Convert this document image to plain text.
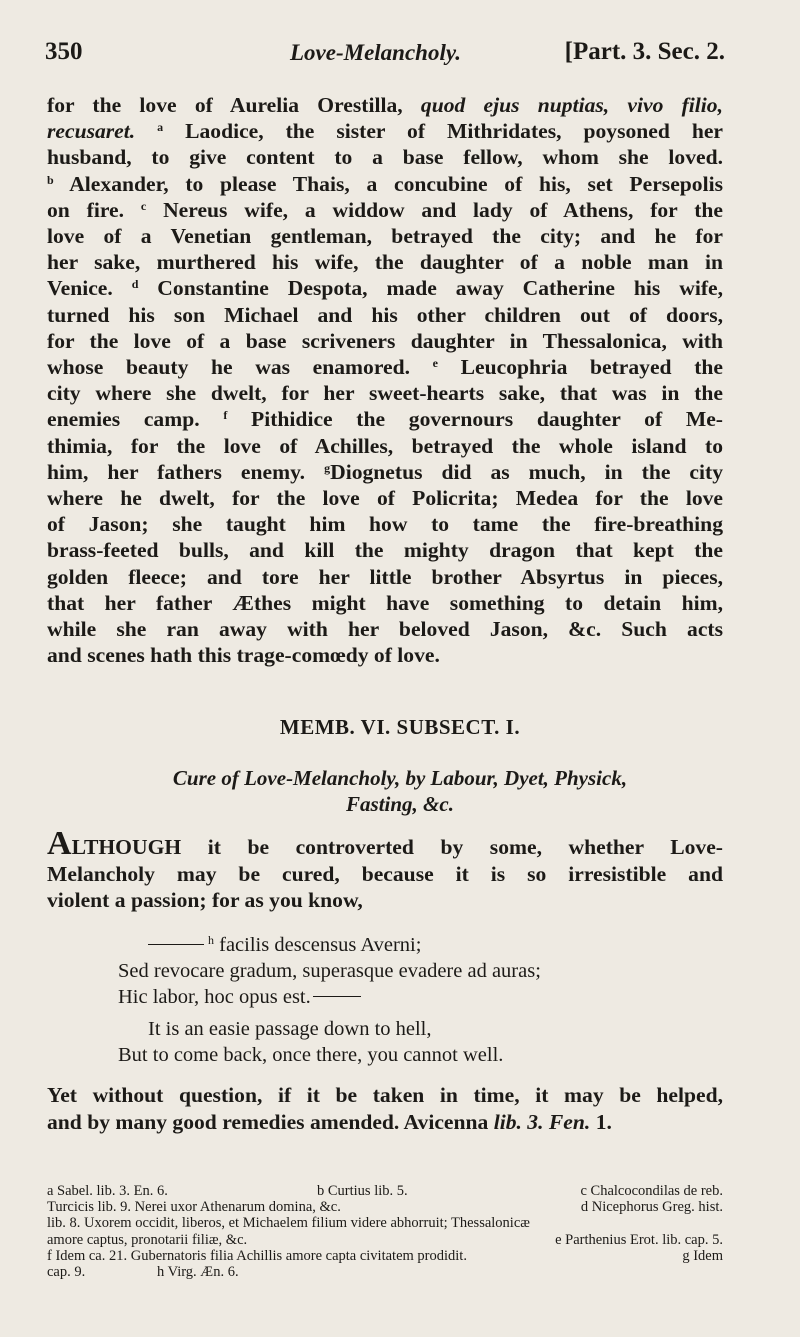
350	Love-Melancholy.	[Part. 3. Sec. 2.
for the love of Aurelia Orestilla, quod ejus nuptias, vivo filio,
recusaret. $^a$ Laodice, the sister of Mithridates, poysoned her
husband, to give content to a base fellow, whom she loved.
$^b$ Alexander, to please Thais, a concubine of his, set Persepolis
on fire. $^c$ Nereus wife, a widdow and lady of Athens, for the
love of a Venetian gentleman, betrayed the city; and he for
her sake, murthered his wife, the daughter of a noble man in
Venice. $^d$ Constantine Despota, made away Catherine his wife,
turned his son Michael and his other children out of doors,
for the love of a base scriveners daughter in Thessalonica, with
whose beauty he was enamored. $^e$ Leucophria betrayed the
city where she dwelt, for her sweet-hearts sake, that was in the
enemies camp. $^f$ Pithidice the governours daughter of Me-
thimia, for the love of Achilles, betrayed the whole island to
him, her fathers enemy. $^g$Diognetus did as much, in the city
where he dwelt, for the love of Policrita; Medea for the love
of Jason; she taught him how to tame the fire-breathing
brass-feeted bulls, and kill the mighty dragon that kept the
golden fleece; and tore her little brother Absyrtus in pieces,
that her father Æthes might have something to detain him,
while she ran away with her beloved Jason, &c. Such acts
and scenes hath this trage-comœdy of love.
MEMB. VI. SUBSECT. I.
Cure of Love-Melancholy, by Labour, Dyet, Physick,
Fasting, &c.
ALTHOUGH it be controverted by some, whether Love-
Melancholy may be cured, because it is so irresistible and
violent a passion; for as you know,
$^h$ facilis descensus Averni;
Sed revocare gradum, superasque evadere ad auras;
Hic labor, hoc opus est.
It is an easie passage down to hell,
But to come back, once there, you cannot well.
Yet without question, if it be taken in time, it may be helped,
and by many good remedies amended. Avicenna lib. 3. Fen. 1.
a Sabel. lib. 3. En. 6.	b Curtius lib. 5.	c Chalcocondilas de reb.
Turcicis lib. 9. Nerei uxor Athenarum domina, &c.	d Nicephorus Greg. hist.
lib. 8. Uxorem occidit, liberos, et Michaelem filium videre abhorruit; Thessalonicæ
amore captus, pronotarii filiæ, &c.	e Parthenius Erot. lib. cap. 5.
f Idem ca. 21. Gubernatoris filia Achillis amore capta civitatem prodidit.	g Idem
cap. 9.	h Virg. Æn. 6.
